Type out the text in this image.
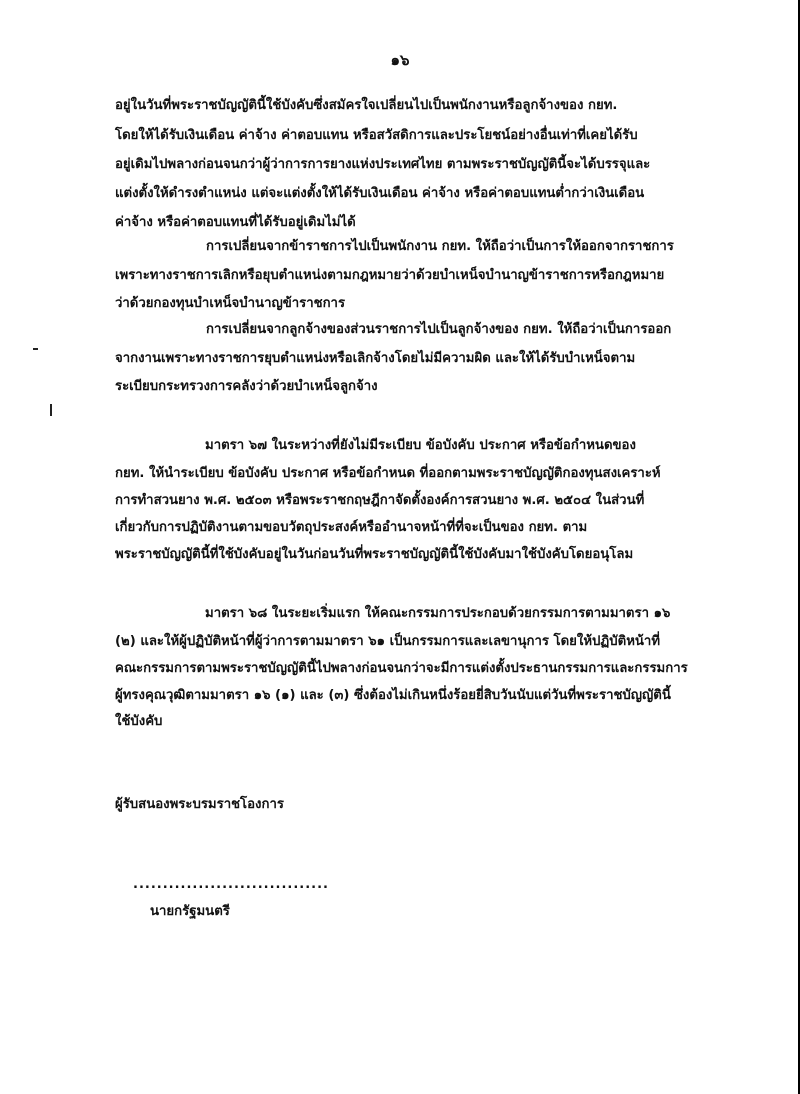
๑๖
อยู่ในวันที่พระราชบัญญัตินี้ใช้บังคับซึ่งสมัครใจเปลี่ยนไปเป็นพนักงานหรือลูกจ้างของ กยท.
โดยให้ได้รับเงินเดือน ค่าจ้าง ค่าตอบแทน หรือสวัสดิการและประโยชน์อย่างอื่นเท่าที่เคยได้รับ
อยู่เดิมไปพลางก่อนจนกว่าผู้ว่าการการยางแห่งประเทศไทย ตามพระราชบัญญัตินี้จะได้บรรจุและ
แต่งตั้งให้ดำรงตำแหน่ง แต่จะแต่งตั้งให้ได้รับเงินเดือน ค่าจ้าง หรือค่าตอบแทนต่ำกว่าเงินเดือน
ค่าจ้าง หรือค่าตอบแทนที่ได้รับอยู่เดิมไม่ได้
การเปลี่ยนจากข้าราชการไปเป็นพนักงาน กยท. ให้ถือว่าเป็นการให้ออกจากราชการ
เพราะทางราชการเลิกหรือยุบตำแหน่งตามกฎหมายว่าด้วยบำเหน็จบำนาญข้าราชการหรือกฎหมาย
ว่าด้วยกองทุนบำเหน็จบำนาญข้าราชการ
การเปลี่ยนจากลูกจ้างของส่วนราชการไปเป็นลูกจ้างของ กยท. ให้ถือว่าเป็นการออก
จากงานเพราะทางราชการยุบตำแหน่งหรือเลิกจ้างโดยไม่มีความผิด และให้ได้รับบำเหน็จตาม
ระเบียบกระทรวงการคลังว่าด้วยบำเหน็จลูกจ้าง
มาตรา ๖๗ ในระหว่างที่ยังไม่มีระเบียบ ข้อบังคับ ประกาศ หรือข้อกำหนดของ
กยท. ให้นำระเบียบ ข้อบังคับ ประกาศ หรือข้อกำหนด ที่ออกตามพระราชบัญญัติกองทุนสงเคราะห์
การทำสวนยาง พ.ศ. ๒๕๐๓ หรือพระราชกฤษฎีกาจัดตั้งองค์การสวนยาง พ.ศ. ๒๕๐๔ ในส่วนที่
เกี่ยวกับการปฏิบัติงานตามขอบวัตถุประสงค์หรืออำนาจหน้าที่ที่จะเป็นของ กยท. ตาม
พระราชบัญญัตินี้ที่ใช้บังคับอยู่ในวันก่อนวันที่พระราชบัญญัตินี้ใช้บังคับมาใช้บังคับโดยอนุโลม
มาตรา ๖๘ ในระยะเริ่มแรก ให้คณะกรรมการประกอบด้วยกรรมการตามมาตรา ๑๖
(๒) และให้ผู้ปฏิบัติหน้าที่ผู้ว่าการตามมาตรา ๖๑ เป็นกรรมการและเลขานุการ โดยให้ปฏิบัติหน้าที่
คณะกรรมการตามพระราชบัญญัตินี้ไปพลางก่อนจนกว่าจะมีการแต่งตั้งประธานกรรมการและกรรมการ
ผู้ทรงคุณวุฒิตามมาตรา ๑๖ (๑) และ (๓) ซึ่งต้องไม่เกินหนึ่งร้อยยี่สิบวันนับแต่วันที่พระราชบัญญัตินี้
ใช้บังคับ
ผู้รับสนองพระบรมราชโองการ
.................................
นายกรัฐมนตรี
